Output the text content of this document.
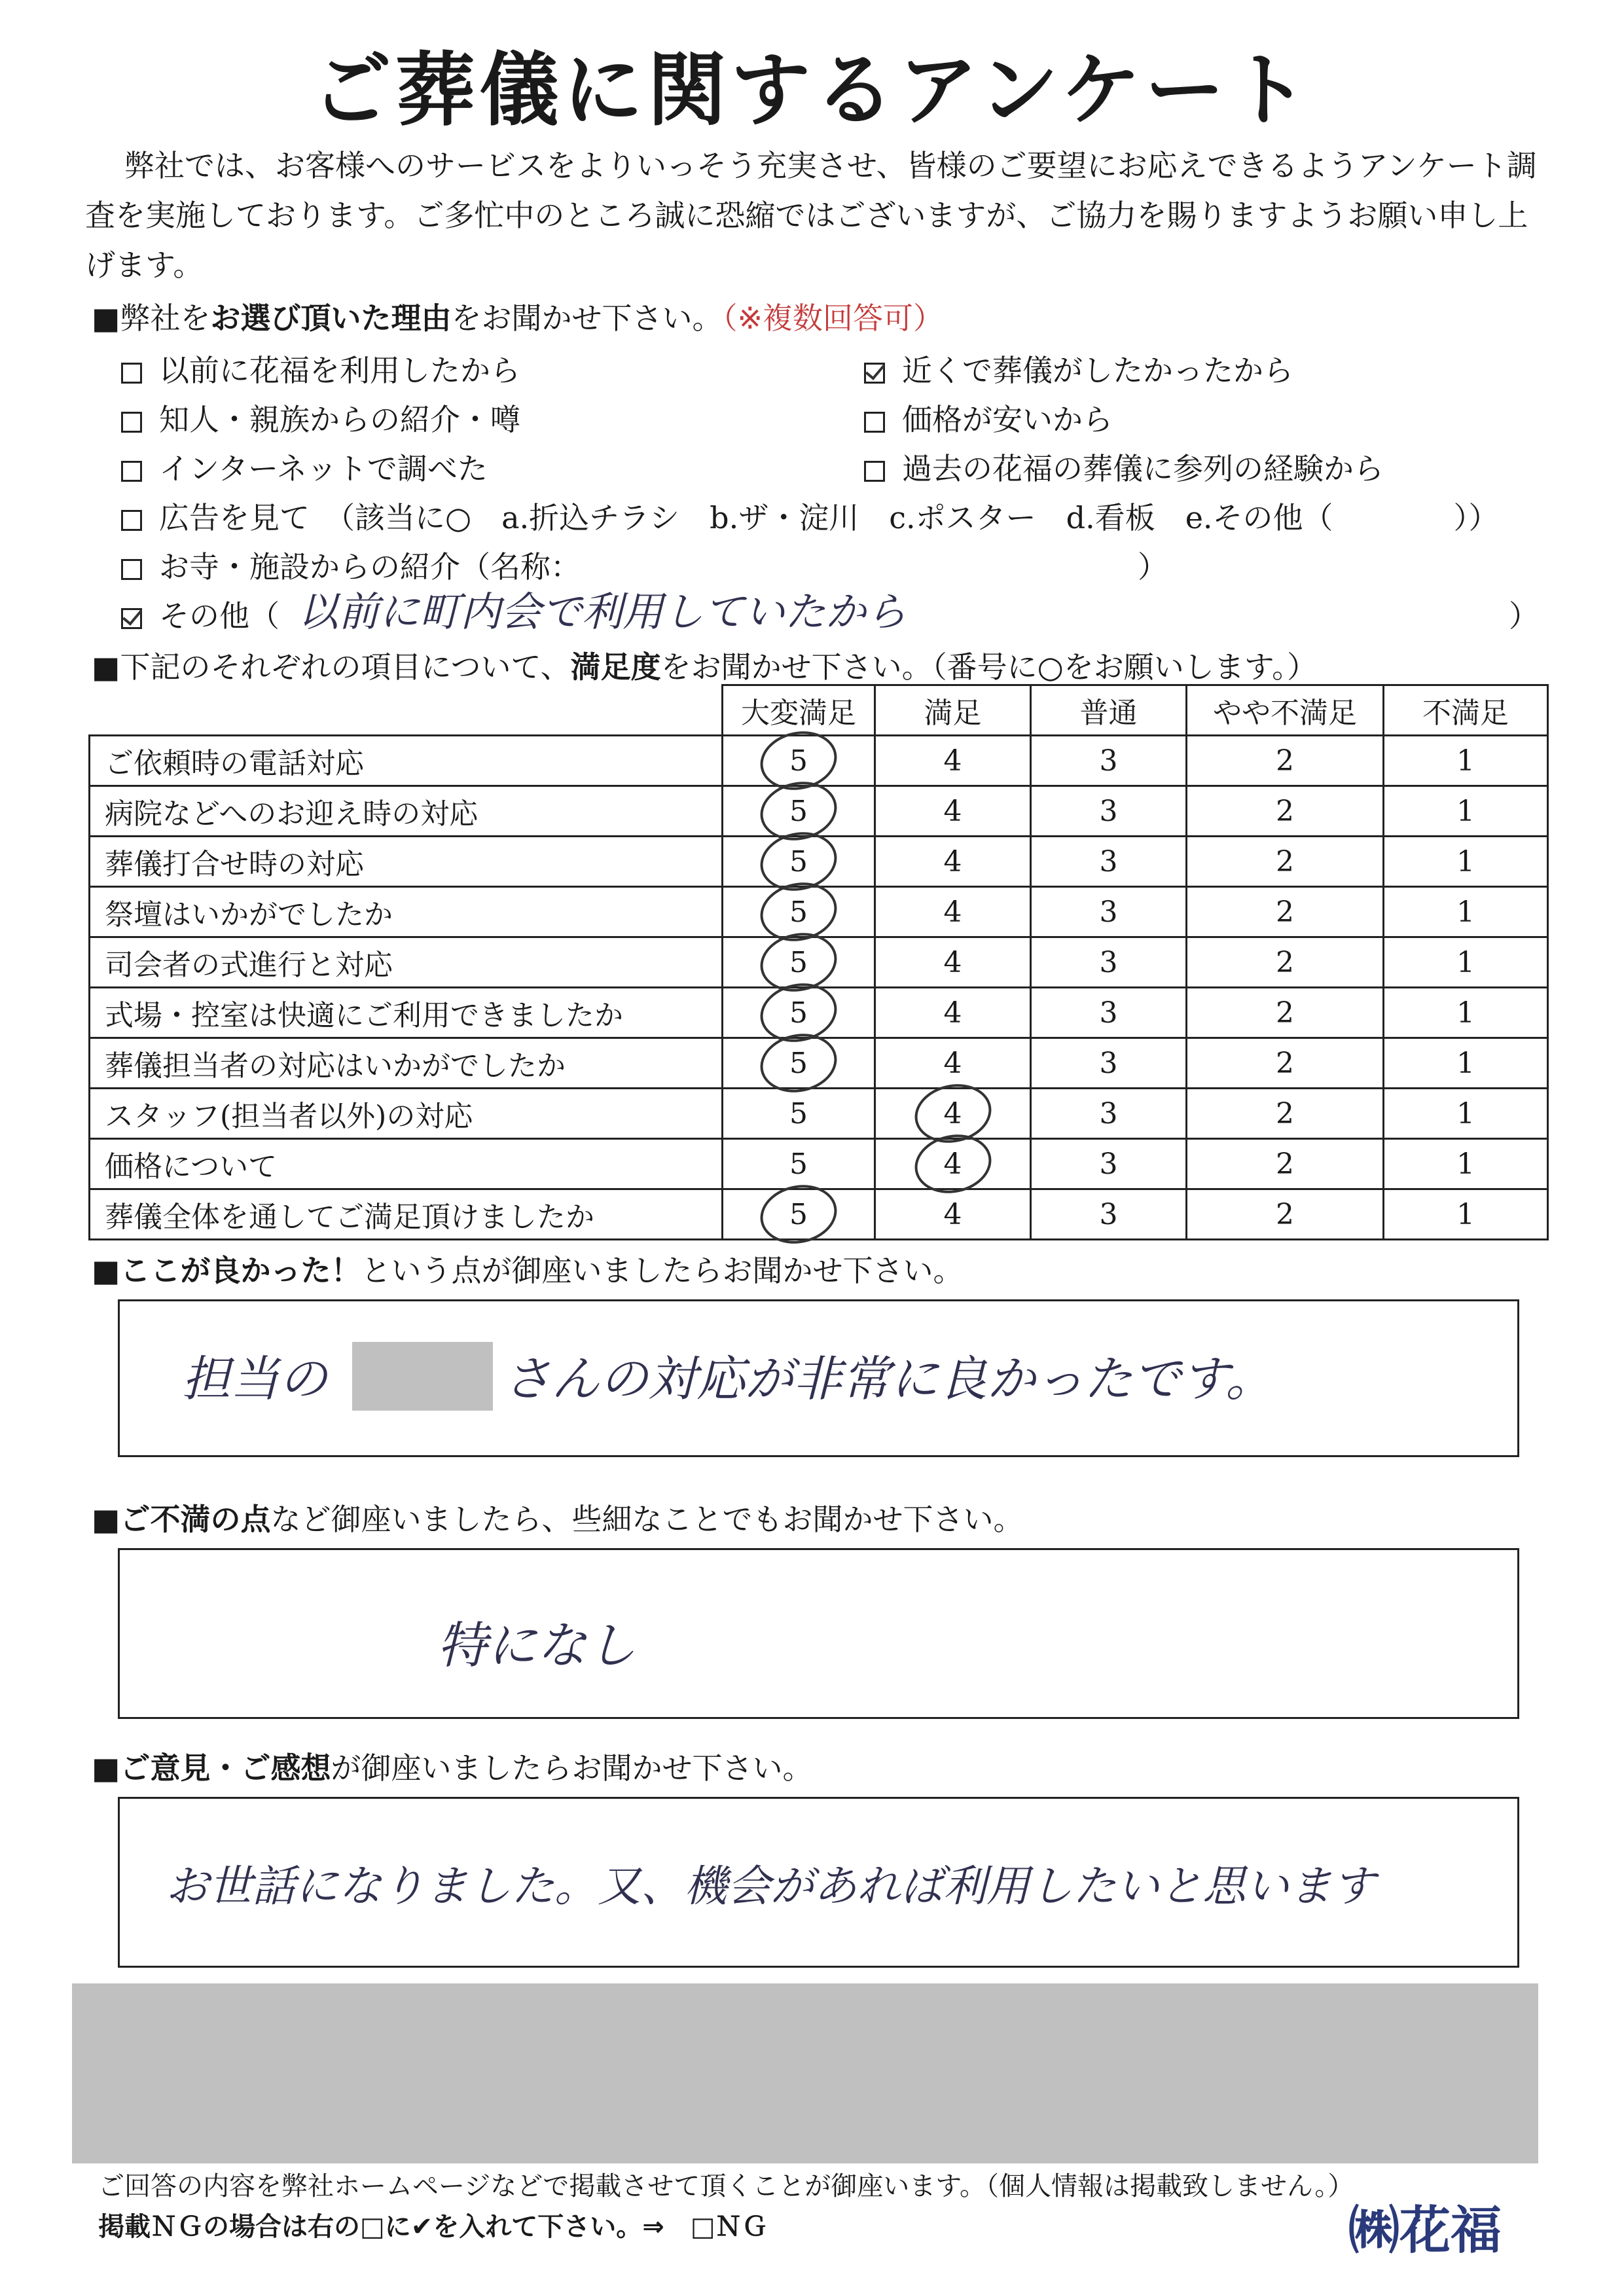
ご葬儀に関するアンケート
弊社では、お客様へのサービスをよりいっそう充実させ、皆様のご要望にお応えできるようアンケート調査を実施しております。ご多忙中のところ誠に恐縮ではございますが、ご協力を賜りますようお願い申し上げます。
■弊社をお選び頂いた理由をお聞かせ下さい。（※複数回答可）
以前に花福を利用したから
知人・親族からの紹介・噂
インターネットで調べた
近くで葬儀がしたかったから
価格が安いから
過去の花福の葬儀に参列の経験から
広告を見て　（該当に○　a.折込チラシ　b.ザ・淀川　c.ポスター　d.看板　e.その他（　　　　））
お寺・施設からの紹介（名称：　　　　　　　　　　　　　　　　　　　）
その他（ 以前に町内会で利用していたから	）
■下記のそれぞれの項目について、満足度をお聞かせ下さい。（番号に○をお願いします。）
	大変満足	満足	普通	やや不満足	不満足
ご依頼時の電話対応	5	4	3	2	1
病院などへのお迎え時の対応	5	4	3	2	1
葬儀打合せ時の対応	5	4	3	2	1
祭壇はいかがでしたか	5	4	3	2	1
司会者の式進行と対応	5	4	3	2	1
式場・控室は快適にご利用できましたか	5	4	3	2	1
葬儀担当者の対応はいかがでしたか	5	4	3	2	1
スタッフ(担当者以外)の対応	5	4	3	2	1
価格について	5	4	3	2	1
葬儀全体を通してご満足頂けましたか	5	4	3	2	1
■ここが良かった！という点が御座いましたらお聞かせ下さい。
担当の	さんの対応が非常に良かったです。
■ご不満の点など御座いましたら、些細なことでもお聞かせ下さい。
特になし
■ご意見・ご感想が御座いましたらお聞かせ下さい。
お世話になりました。又、機会があれば利用したいと思います
ご回答の内容を弊社ホームページなどで掲載させて頂くことが御座います。（個人情報は掲載致しません。）
掲載ＮＧの場合は右の□に✔を入れて下さい。⇒　□ＮＧ	㈱花福
